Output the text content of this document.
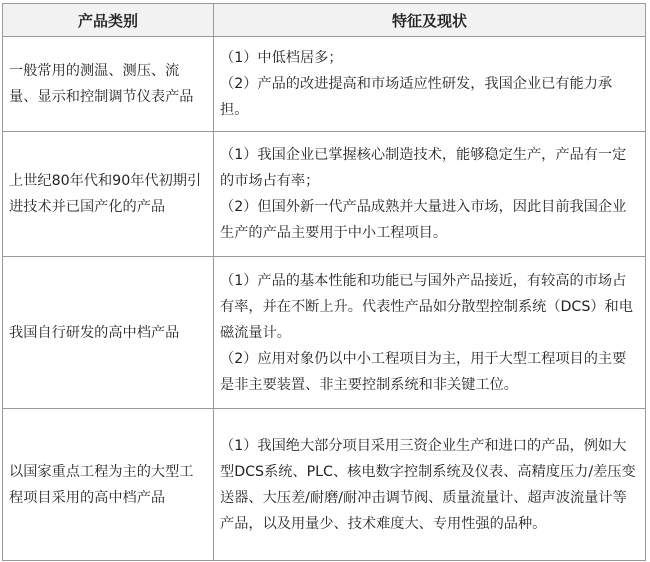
产品类别	特征及现状
一般常用的测温、测压、流量、显示和控制调节仪表产品	（1）中低档居多；

（2）产品的改进提高和市场适应性研发，我国企业已有能力承担。

上世纪80年代和90年代初期引进技术并已国产化的产品	（1）我国企业已掌握核心制造技术，能够稳定生产，产品有一定的市场占有率；

（2）但国外新一代产品成熟并大量进入市场，因此目前我国企业生产的产品主要用于中小工程项目。

我国自行研发的高中档产品	（1）产品的基本性能和功能已与国外产品接近，有较高的市场占有率，并在不断上升。代表性产品如分散型控制系统（DCS）和电磁流量计。

（2）应用对象仍以中小工程项目为主，用于大型工程项目的主要是非主要装置、非主要控制系统和非关键工位。

以国家重点工程为主的大型工程项目采用的高中档产品	（1）我国绝大部分项目采用三资企业生产和进口的产品，例如大型DCS系统、PLC、核电数字控制系统及仪表、高精度压力/差压变送器、大压差/耐磨/耐冲击调节阀、质量流量计、超声波流量计等产品，以及用量少、技术难度大、专用性强的品种。
